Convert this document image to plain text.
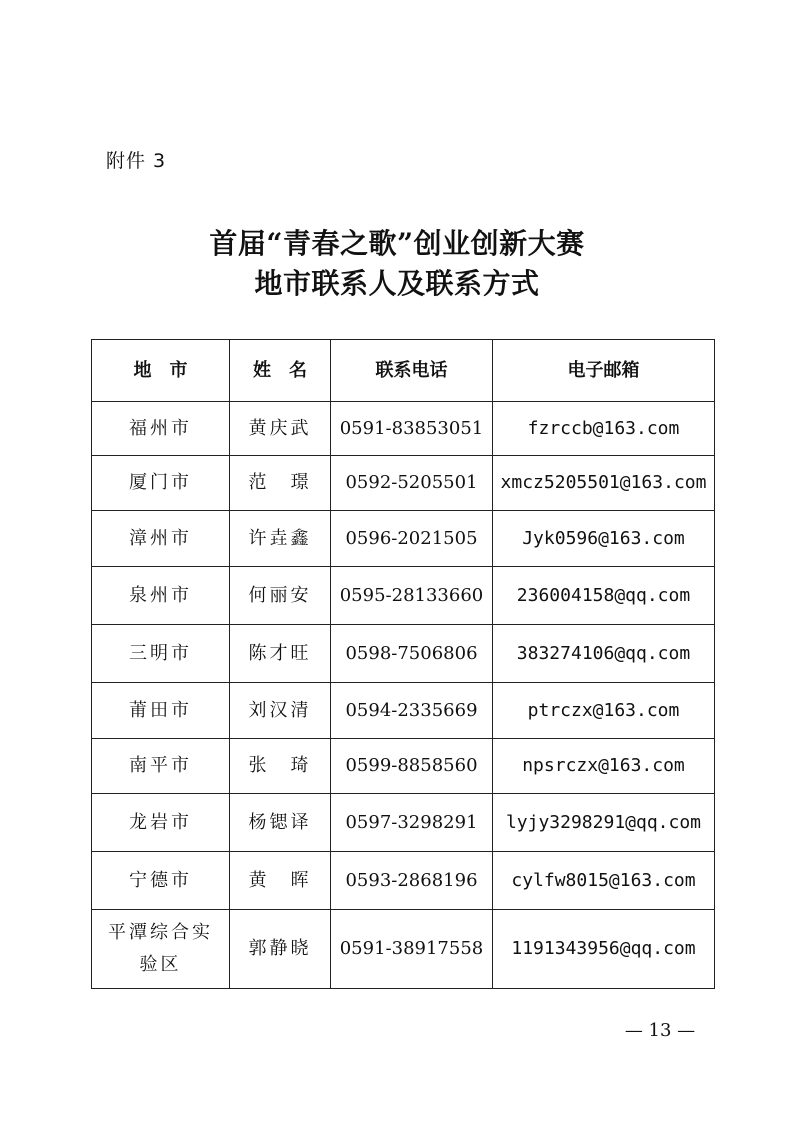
附件 3
首届“青春之歌”创业创新大赛
地市联系人及联系方式
地　市	姓　名	联系电话	电子邮箱
福州市	黄庆武	0591-83853051	fzrccb@163.com
厦门市	范　璟	0592-5205501	xmcz5205501@163.com
漳州市	许垚鑫	0596-2021505	Jyk0596@163.com
泉州市	何丽安	0595-28133660	236004158@qq.com
三明市	陈才旺	0598-7506806	383274106@qq.com
莆田市	刘汉清	0594-2335669	ptrczx@163.com
南平市	张　琦	0599-8858560	npsrczx@163.com
龙岩市	杨锶译	0597-3298291	lyjy3298291@qq.com
宁德市	黄　晖	0593-2868196	cylfw8015@163.com
平潭综合实验区	郭静晓	0591-38917558	1191343956@qq.com
— 13 —
